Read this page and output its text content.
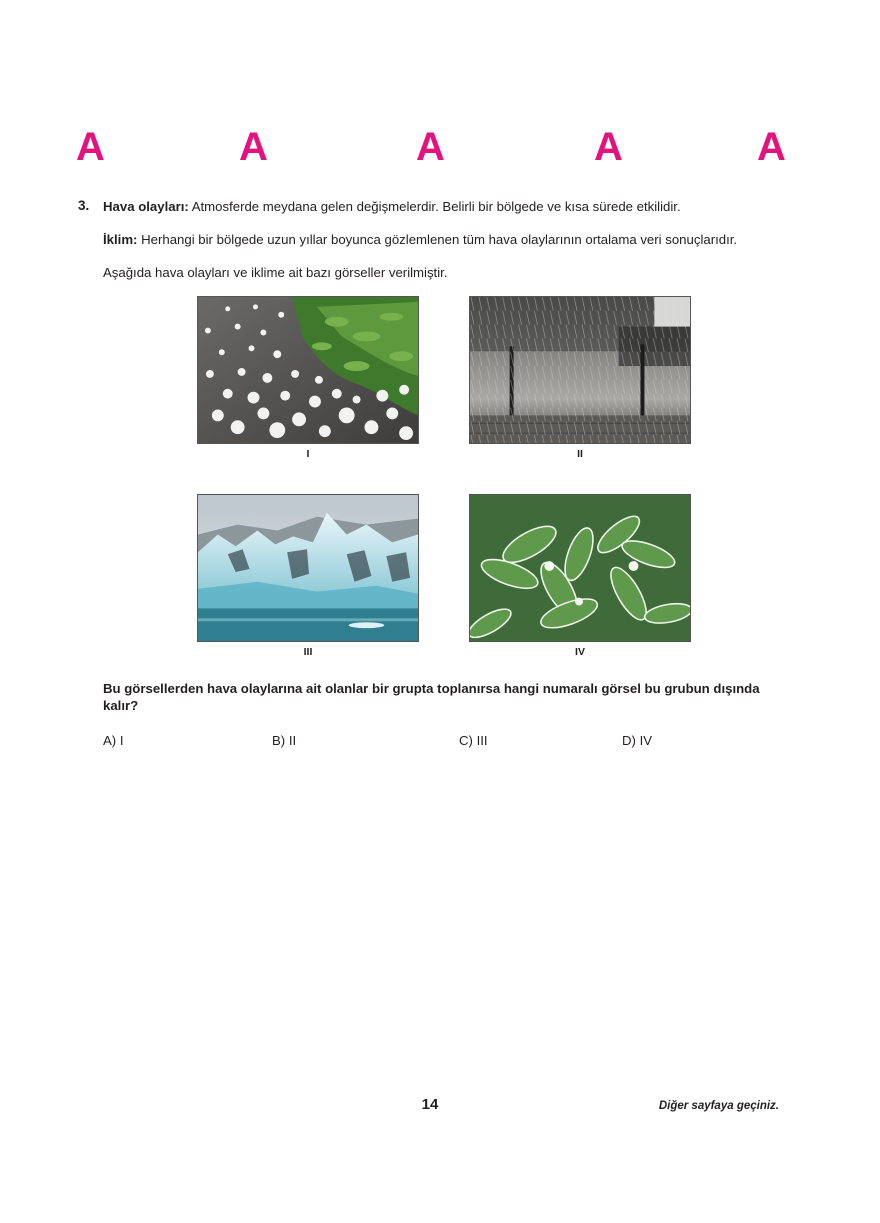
A	A	A	A	A
3. Hava olayları: Atmosferde meydana gelen değişmelerdir. Belirli bir bölgede ve kısa sürede etkilidir.
İklim: Herhangi bir bölgede uzun yıllar boyunca gözlemlenen tüm hava olaylarının ortalama veri sonuçlarıdır.
Aşağıda hava olayları ve iklime ait bazı görseller verilmiştir.
I	II
III	IV
Bu görsellerden hava olaylarına ait olanlar bir grupta toplanırsa hangi numaralı görsel bu grubun dışında kalır?
A) I	B) II	C) III	D) IV
14	Diğer sayfaya geçiniz.
